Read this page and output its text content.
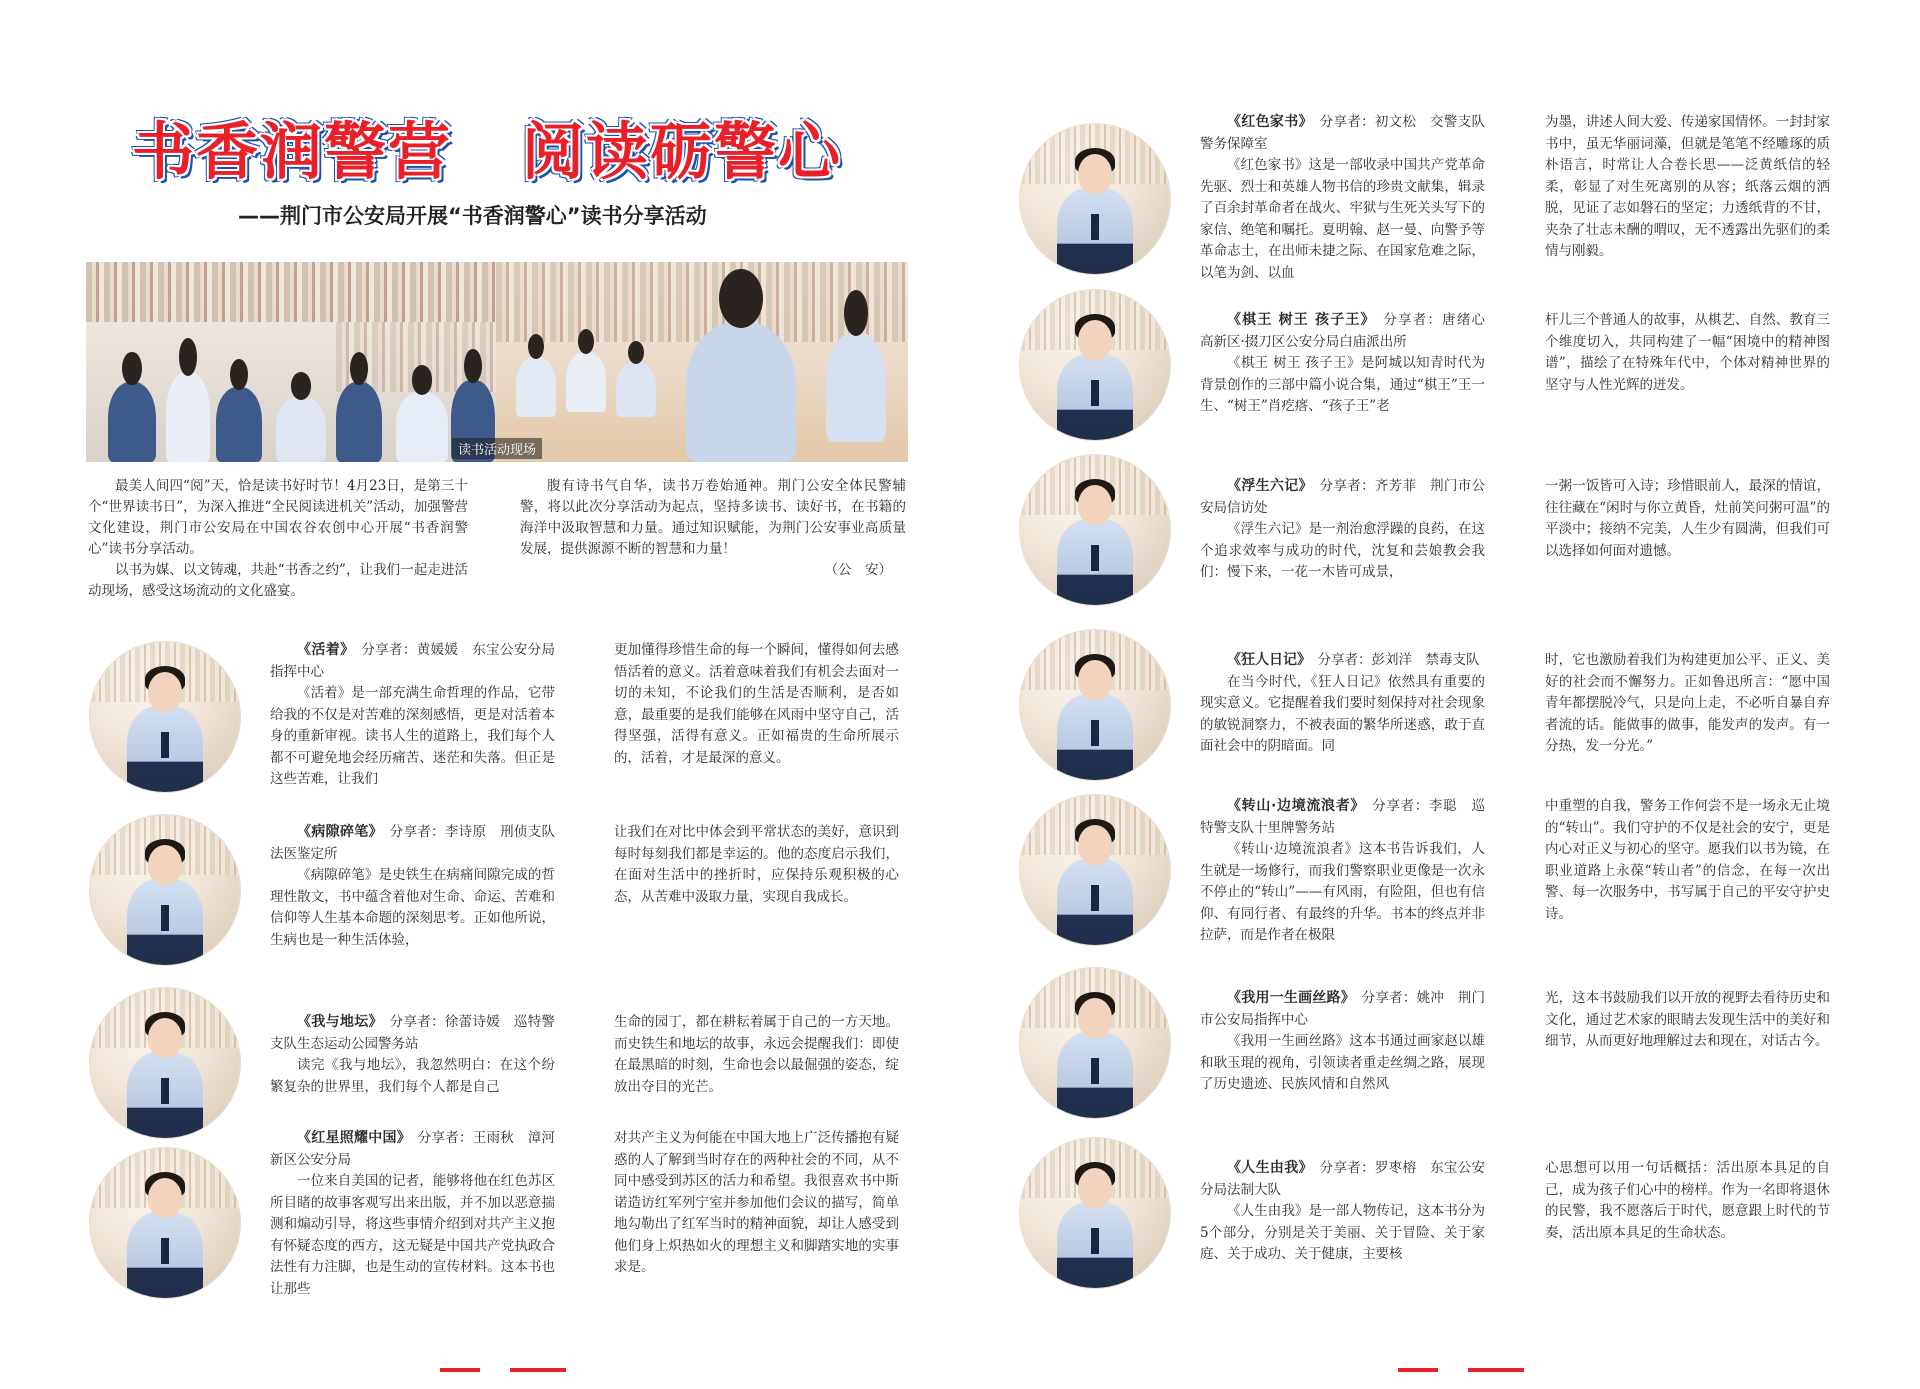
书香润警营 阅读砺警心
——荆门市公安局开展“书香润警心”读书分享活动
读书活动现场

最美人间四“阅”天，恰是读书好时节！4月23日，是第三十个“世界读书日”，为深入推进“全民阅读进机关”活动，加强警营文化建设，荆门市公安局在中国农谷农创中心开展“书香润警心”读书分享活动。

以书为媒、以文铸魂，共赴“书香之约”，让我们一起走进活动现场，感受这场流动的文化盛宴。

腹有诗书气自华，读书万卷始通神。荆门公安全体民警辅警，将以此次分享活动为起点，坚持多读书、读好书，在书籍的海洋中汲取智慧和力量。通过知识赋能，为荆门公安事业高质量发展，提供源源不断的智慧和力量！

（公　安）

《活着》　 分享者：黄媛媛　东宝公安分局指挥中心

《活着》是一部充满生命哲理的作品，它带给我的不仅是对苦难的深刻感悟，更是对活着本身的重新审视。读书人生的道路上，我们每个人都不可避免地会经历痛苦、迷茫和失落。但正是这些苦难，让我们

更加懂得珍惜生命的每一个瞬间，懂得如何去感悟活着的意义。活着意味着我们有机会去面对一切的未知，不论我们的生活是否顺利，是否如意，最重要的是我们能够在风雨中坚守自己，活得坚强，活得有意义。正如福贵的生命所展示的，活着，才是最深的意义。

《病隙碎笔》　 分享者：李诗原　刑侦支队法医鉴定所

《病隙碎笔》是史铁生在病痛间隙完成的哲理性散文，书中蕴含着他对生命、命运、苦难和信仰等人生基本命题的深刻思考。正如他所说，生病也是一种生活体验，

让我们在对比中体会到平常状态的美好，意识到每时每刻我们都是幸运的。他的态度启示我们，在面对生活中的挫折时，应保持乐观积极的心态，从苦难中汲取力量，实现自我成长。

《我与地坛》　 分享者：徐蕾诗媛　巡特警支队生态运动公园警务站

读完《我与地坛》，我忽然明白：在这个纷繁复杂的世界里，我们每个人都是自己

生命的园丁，都在耕耘着属于自己的一方天地。而史铁生和地坛的故事，永远会提醒我们：即使在最黑暗的时刻，生命也会以最倔强的姿态，绽放出夺目的光芒。

《红星照耀中国》　 分享者：王雨秋　漳河新区公安分局

一位来自美国的记者，能够将他在红色苏区所目睹的故事客观写出来出版，并不加以恶意揣测和煽动引导，将这些事情介绍到对共产主义抱有怀疑态度的西方，这无疑是中国共产党执政合法性有力注脚，也是生动的宣传材料。这本书也让那些

对共产主义为何能在中国大地上广泛传播抱有疑惑的人了解到当时存在的两种社会的不同，从不同中感受到苏区的活力和希望。我很喜欢书中斯诺造访红军列宁室并参加他们会议的描写，简单地勾勒出了红军当时的精神面貌，却让人感受到他们身上炽热如火的理想主义和脚踏实地的实事求是。

《红色家书》　 分享者：初文松　交警支队警务保障室

《红色家书》这是一部收录中国共产党革命先驱、烈士和英雄人物书信的珍贵文献集，辑录了百余封革命者在战火、牢狱与生死关头写下的家信、绝笔和嘱托。夏明翰、赵一曼、向警予等革命志士，在出师未捷之际、在国家危难之际，以笔为剑、以血

为墨，讲述人间大爱、传递家国情怀。一封封家书中，虽无华丽词藻，但就是笔笔不经雕琢的质朴语言，时常让人合卷长思——泛黄纸信的轻柔，彰显了对生死离别的从容；纸落云烟的洒脱，见证了志如磐石的坚定；力透纸背的不甘，夹杂了壮志未酬的喟叹，无不透露出先驱们的柔情与刚毅。

《棋王 树王 孩子王》　 分享者：唐绪心　高新区·掇刀区公安分局白庙派出所

《棋王 树王 孩子王》是阿城以知青时代为背景创作的三部中篇小说合集，通过“棋王”王一生、“树王”肖疙瘩、“孩子王”老

杆儿三个普通人的故事，从棋艺、自然、教育三个维度切入，共同构建了一幅“困境中的精神图谱”，描绘了在特殊年代中，个体对精神世界的坚守与人性光辉的迸发。

《浮生六记》　 分享者：齐芳菲　荆门市公安局信访处

《浮生六记》是一剂治愈浮躁的良药，在这个追求效率与成功的时代，沈复和芸娘教会我们：慢下来，一花一木皆可成景，

一粥一饭皆可入诗；珍惜眼前人，最深的情谊，往往藏在“闲时与你立黄昏，灶前笑问粥可温”的平淡中；接纳不完美，人生少有圆满，但我们可以选择如何面对遗憾。

《狂人日记》　 分享者：彭刘洋　禁毒支队

在当今时代，《狂人日记》依然具有重要的现实意义。它提醒着我们要时刻保持对社会现象的敏锐洞察力，不被表面的繁华所迷惑，敢于直面社会中的阴暗面。同

时，它也激励着我们为构建更加公平、正义、美好的社会而不懈努力。正如鲁迅所言：“愿中国青年都摆脱冷气，只是向上走，不必听自暴自弃者流的话。能做事的做事，能发声的发声。有一分热，发一分光。”

《转山·边境流浪者》　 分享者：李聪　巡特警支队十里牌警务站

《转山·边境流浪者》这本书告诉我们，人生就是一场修行，而我们警察职业更像是一次永不停止的“转山”——有风雨，有险阻，但也有信仰、有同行者、有最终的升华。书本的终点并非拉萨，而是作者在极限

中重塑的自我，警务工作何尝不是一场永无止境的“转山”。我们守护的不仅是社会的安宁，更是内心对正义与初心的坚守。愿我们以书为镜，在职业道路上永葆“转山者”的信念，在每一次出警、每一次服务中，书写属于自己的平安守护史诗。

《我用一生画丝路》　 分享者：姚冲　荆门市公安局指挥中心

《我用一生画丝路》这本书通过画家赵以雄和耿玉琨的视角，引领读者重走丝绸之路，展现了历史遗迹、民族风情和自然风

光，这本书鼓励我们以开放的视野去看待历史和文化，通过艺术家的眼睛去发现生活中的美好和细节，从而更好地理解过去和现在，对话古今。

《人生由我》　 分享者：罗枣榕　东宝公安分局法制大队

《人生由我》是一部人物传记，这本书分为5个部分，分别是关于美丽、关于冒险、关于家庭、关于成功、关于健康，主要核

心思想可以用一句话概括：活出原本具足的自己，成为孩子们心中的榜样。作为一名即将退休的民警，我不愿落后于时代，愿意跟上时代的节奏，活出原本具足的生命状态。
